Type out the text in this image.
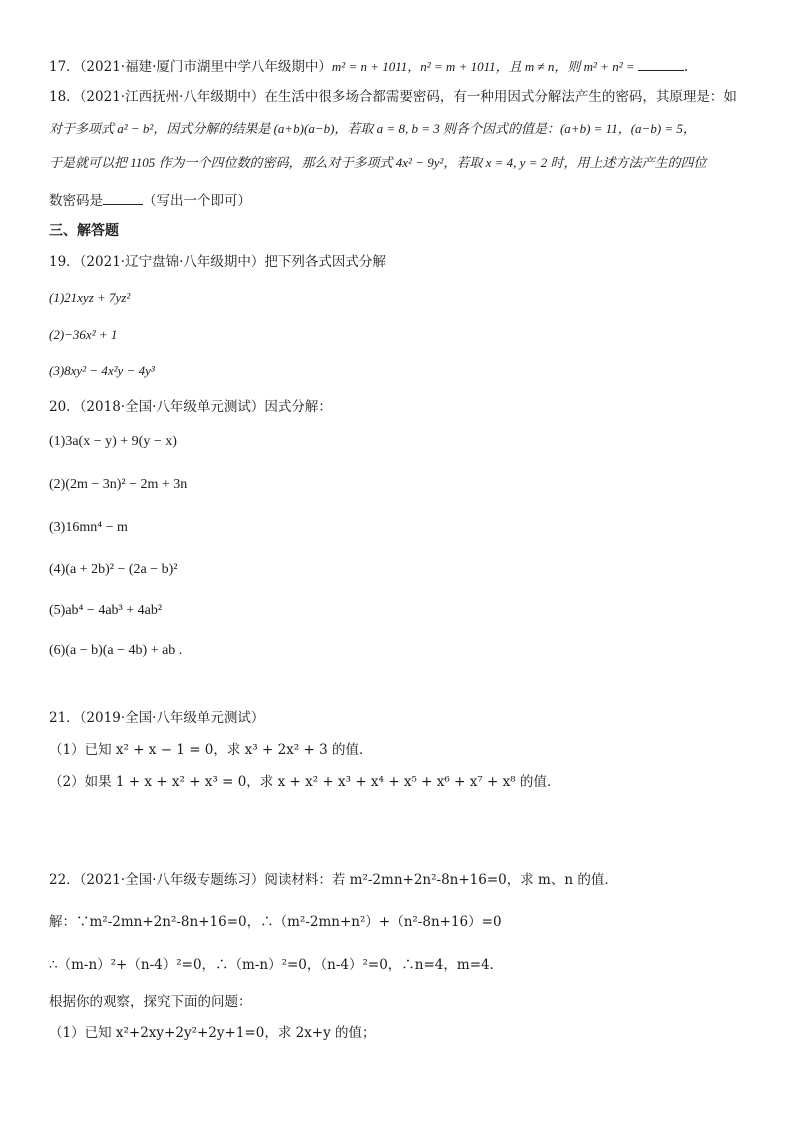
17．（2021·福建·厦门市湖里中学八年级期中）m² = n + 1011，n² = m + 1011，且 m ≠ n，则 m² + n² =	.
18．（2021·江西抚州·八年级期中）在生活中很多场合都需要密码，有一种用因式分解法产生的密码，其原理是：如
对于多项式 a² − b²，因式分解的结果是 (a+b)(a−b)，若取 a = 8, b = 3 则各个因式的值是：(a+b) = 11，(a−b) = 5，
于是就可以把 1105 作为一个四位数的密码，那么对于多项式 4x² − 9y²，若取 x = 4, y = 2 时，用上述方法产生的四位
数密码是	（写出一个即可）
三、解答题
19．（2021·辽宁盘锦·八年级期中）把下列各式因式分解
(1)21xyz + 7yz²
(2)−36x² + 1
(3)8xy² − 4x²y − 4y³
20．（2018·全国·八年级单元测试）因式分解：
(1)3a(x − y) + 9(y − x)
(2)(2m − 3n)² − 2m + 3n
(3)16mn⁴ − m
(4)(a + 2b)² − (2a − b)²
(5)ab⁴ − 4ab³ + 4ab²
(6)(a − b)(a − 4b) + ab .
21．（2019·全国·八年级单元测试）
（1）已知 x² + x − 1 = 0，求 x³ + 2x² + 3 的值．
（2）如果 1 + x + x² + x³ = 0，求 x + x² + x³ + x⁴ + x⁵ + x⁶ + x⁷ + x⁸ 的值．
22．（2021·全国·八年级专题练习）阅读材料：若 m²-2mn+2n²-8n+16=0，求 m、n 的值．
解：∵m²-2mn+2n²-8n+16=0，∴（m²-2mn+n²）+（n²-8n+16）=0
∴（m-n）²+（n-4）²=0，∴（m-n）²=0，（n-4）²=0，∴n=4，m=4．
根据你的观察，探究下面的问题：
（1）已知 x²+2xy+2y²+2y+1=0，求 2x+y 的值；
